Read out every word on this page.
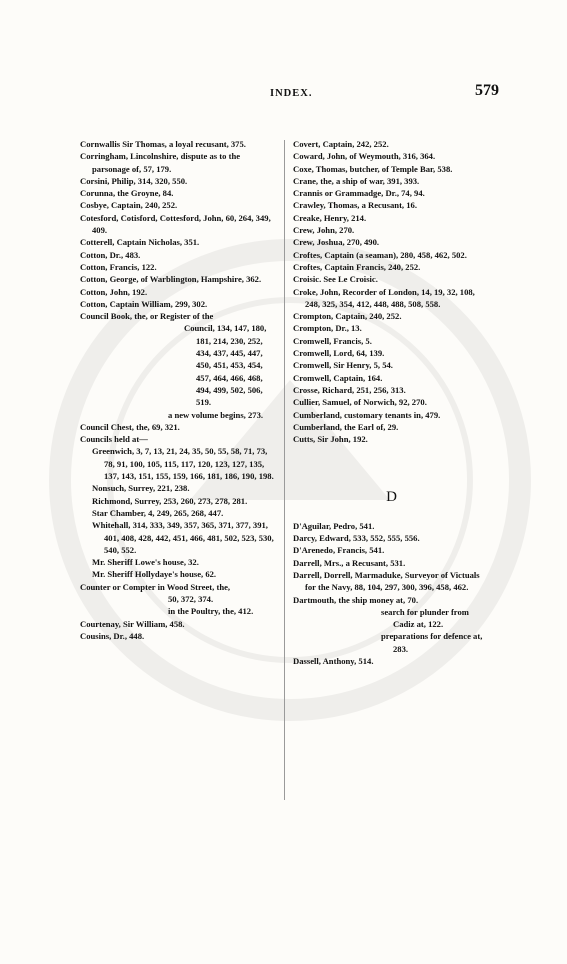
INDEX.	579
Cornwallis Sir Thomas, a loyal recusant, 375.
Corringham, Lincolnshire, dispute as to the parsonage of, 57, 179.
Corsini, Philip, 314, 320, 550.
Corunna, the Groyne, 84.
Cosbye, Captain, 240, 252.
Cotesford, Cotisford, Cottesford, John, 60, 264, 349, 409.
Cotterell, Captain Nicholas, 351.
Cotton, Dr., 483.
Cotton, Francis, 122.
Cotton, George, of Warblington, Hampshire, 362.
Cotton, John, 192.
Cotton, Captain William, 299, 302.
Council Book, the, or Register of the
Council, 134, 147, 180, 181, 214, 230, 252, 434, 437, 445, 447, 450, 451, 453, 454, 457, 464, 466, 468, 494, 499, 502, 506, 519.
a new volume begins, 273.
Council Chest, the, 69, 321.
Councils held at—
Greenwich, 3, 7, 13, 21, 24, 35, 50, 55, 58, 71, 73, 78, 91, 100, 105, 115, 117, 120, 123, 127, 135, 137, 143, 151, 155, 159, 166, 181, 186, 190, 198.
Nonsuch, Surrey, 221, 238.
Richmond, Surrey, 253, 260, 273, 278, 281.
Star Chamber, 4, 249, 265, 268, 447.
Whitehall, 314, 333, 349, 357, 365, 371, 377, 391, 401, 408, 428, 442, 451, 466, 481, 502, 523, 530, 540, 552.
Mr. Sheriff Lowe's house, 32.
Mr. Sheriff Hollydaye's house, 62.
Counter or Compter in Wood Street, the,
50, 372, 374.
in the Poultry, the, 412.
Courtenay, Sir William, 458.
Cousins, Dr., 448.
Covert, Captain, 242, 252.
Coward, John, of Weymouth, 316, 364.
Coxe, Thomas, butcher, of Temple Bar, 538.
Crane, the, a ship of war, 391, 393.
Crannis or Grammadge, Dr., 74, 94.
Crawley, Thomas, a Recusant, 16.
Creake, Henry, 214.
Crew, John, 270.
Crew, Joshua, 270, 490.
Croftes, Captain (a seaman), 280, 458, 462, 502.
Croftes, Captain Francis, 240, 252.
Croisic. See Le Croisic.
Croke, John, Recorder of London, 14, 19, 32, 108, 248, 325, 354, 412, 448, 488, 508, 558.
Crompton, Captain, 240, 252.
Crompton, Dr., 13.
Cromwell, Francis, 5.
Cromwell, Lord, 64, 139.
Cromwell, Sir Henry, 5, 54.
Cromwell, Captain, 164.
Crosse, Richard, 251, 256, 313.
Cullier, Samuel, of Norwich, 92, 270.
Cumberland, customary tenants in, 479.
Cumberland, the Earl of, 29.
Cutts, Sir John, 192.
D
D'Aguilar, Pedro, 541.
Darcy, Edward, 533, 552, 555, 556.
D'Arenedo, Francis, 541.
Darrell, Mrs., a Recusant, 531.
Darrell, Dorrell, Marmaduke, Surveyor of Victuals for the Navy, 88, 104, 297, 300, 396, 458, 462.
Dartmouth, the ship money at, 70.
search for plunder from Cadiz at, 122.
preparations for defence at, 283.
Dassell, Anthony, 514.
